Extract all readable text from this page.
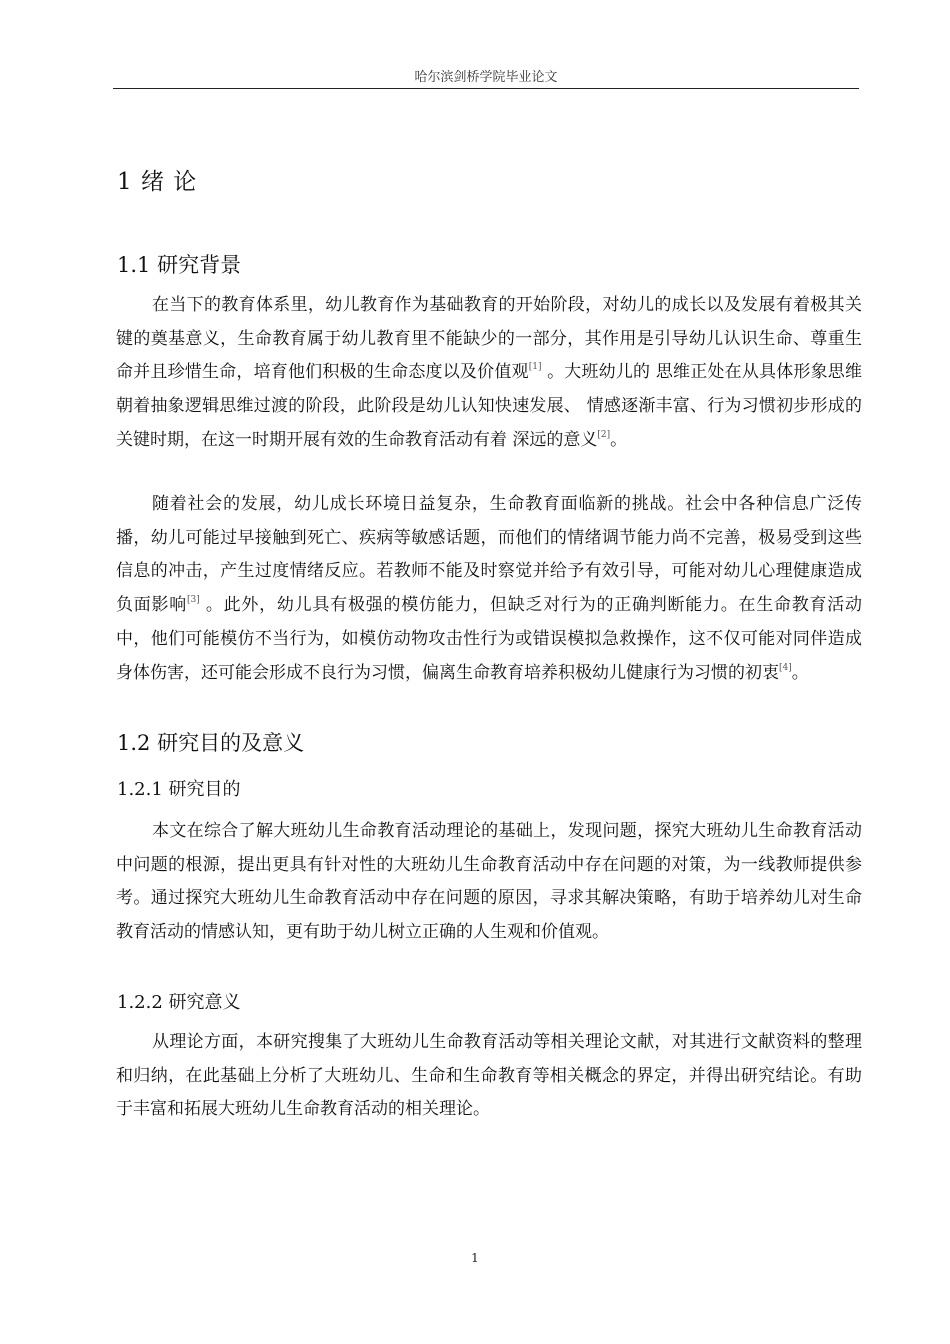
哈尔滨剑桥学院毕业论文
1 绪 论
1.1 研究背景
在当下的教育体系里，幼儿教育作为基础教育的开始阶段，对幼儿的成长以及发展有着极其关键的奠基意义，生命教育属于幼儿教育里不能缺少的一部分，其作用是引导幼儿认识生命、尊重生命并且珍惜生命，培育他们积极的生命态度以及价值观[1] 。大班幼儿的 思维正处在从具体形象思维朝着抽象逻辑思维过渡的阶段，此阶段是幼儿认知快速发展、 情感逐渐丰富、行为习惯初步形成的关键时期，在这一时期开展有效的生命教育活动有着 深远的意义[2]。
随着社会的发展，幼儿成长环境日益复杂，生命教育面临新的挑战。社会中各种信息广泛传播，幼儿可能过早接触到死亡、疾病等敏感话题，而他们的情绪调节能力尚不完善，极易受到这些信息的冲击，产生过度情绪反应。若教师不能及时察觉并给予有效引导，可能对幼儿心理健康造成负面影响[3] 。此外，幼儿具有极强的模仿能力，但缺乏对行为的正确判断能力。在生命教育活动中，他们可能模仿不当行为，如模仿动物攻击性行为或错误模拟急救操作，这不仅可能对同伴造成身体伤害，还可能会形成不良行为习惯，偏离生命教育培养积极幼儿健康行为习惯的初衷[4]。
1.2 研究目的及意义
1.2.1 研究目的
本文在综合了解大班幼儿生命教育活动理论的基础上，发现问题，探究大班幼儿生命教育活动中问题的根源，提出更具有针对性的大班幼儿生命教育活动中存在问题的对策，为一线教师提供参考。通过探究大班幼儿生命教育活动中存在问题的原因，寻求其解决策略，有助于培养幼儿对生命教育活动的情感认知，更有助于幼儿树立正确的人生观和价值观。
1.2.2 研究意义
从理论方面，本研究搜集了大班幼儿生命教育活动等相关理论文献，对其进行文献资料的整理和归纳，在此基础上分析了大班幼儿、生命和生命教育等相关概念的界定，并得出研究结论。有助于丰富和拓展大班幼儿生命教育活动的相关理论。
1
